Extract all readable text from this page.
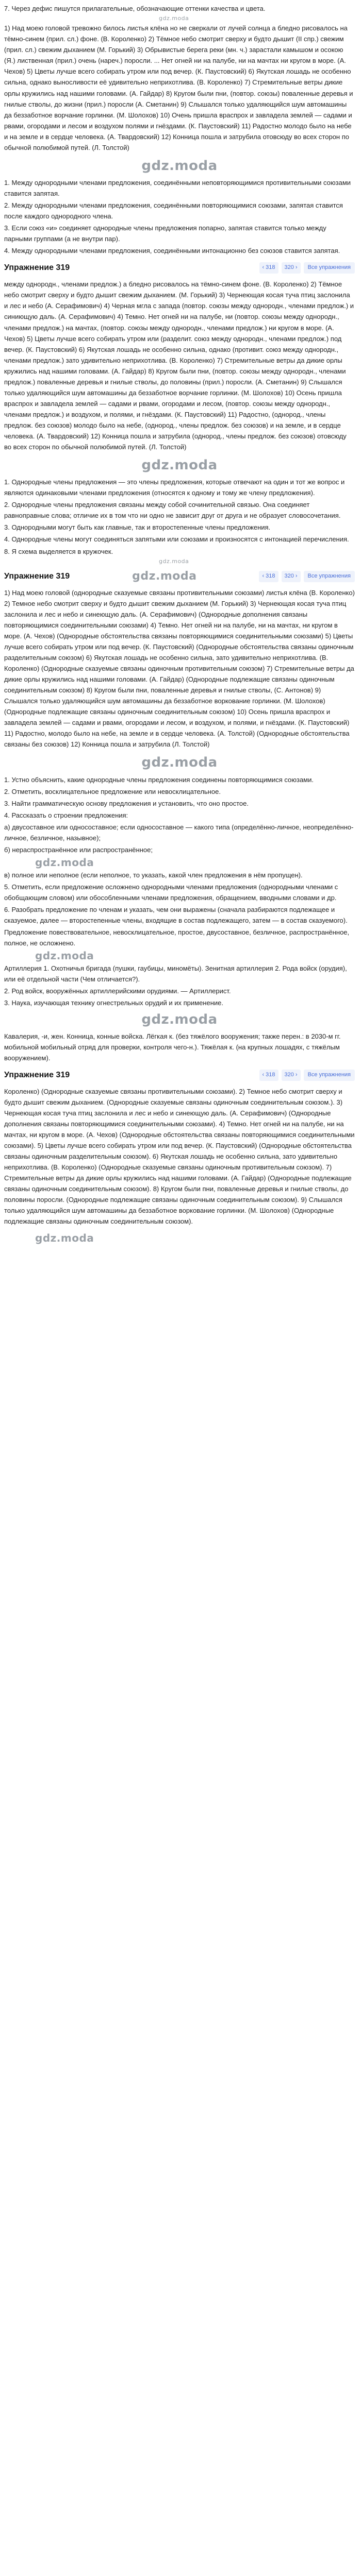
7. Через дефис пишутся прилагательные, обозначающие оттенки качества и цвета.

gdz.moda

1) Над моею головой тревожно билось листья клёна но не сверкали от лучей солнца а бледно рисовалось на тёмно-синем (прил. сл.) фоне. (В. Короленко) 2) Тёмное небо смотрит сверху и будто дышит (II спр.) свежим (прил. сл.) свежим дыханием (М. Горький) 3) Обрывистые берега реки (мн. ч.) зарастали камышом и осокою (Я.) лиственная (прил.) очень (нареч.) поросли. ... Нет огней ни на палубе, ни на мачтах ни кругом в море. (А. Чехов) 5) Цветы лучше всего собирать утром или под вечер. (К. Паустовский) 6) Якутская лошадь не особенно сильна, однако выносливости её удивительно неприхотлива. (В. Короленко) 7) Стремительные ветры дикие орлы кружились над нашими головами. (А. Гайдар) 8) Кругом были пни, (повтор. союзы) поваленные деревья и гнилые стволы, до жизни (прил.) поросли (А. Сметанин) 9) Слышался только удаляющийся шум автомашины да беззаботное ворчание горлинки. (М. Шолохов) 10) Очень пришла враспрох и завладела землей — садами и рвами, огородами и лесом и воздухом полями и гнёздами. (К. Паустовский) 11) Радостно молодо было на небе и на земле и в сердце человека. (А. Твардовский) 12) Конница пошла и затрубила отовсюду во всех сторон по обычной полюбимой путей. (Л. Толстой)

gdz.moda

1. Между однородными членами предложения, соединёнными неповторяющимися противительными союзами ставится запятая.

2. Между однородными членами предложения, соединёнными повторяющимися союзами, запятая ставится после каждого однородного члена.

3. Если союз «и» соединяет однородные члены предложения попарно, запятая ставится только между парными группами (а не внутри пар).

4. Между однородными членами предложения, соединёнными интонационно без союзов ставится запятая.

Упражнение 319	‹ 318 320 ›	Все упражнения

между однородн., членами предлож.) а бледно рисовалось на тёмно-синем фоне. (В. Короленко) 2) Тёмное небо смотрит сверху и будто дышит свежим дыханием. (М. Горький) 3) Чернеющая косая туча птиц заслонила и лес и небо (А. Серафимович) 4) Черная мгла с запада (повтор. союзы между однородн., членами предлож.) и синиющую даль. (А. Серафимович) 4) Темно. Нет огней ни на палубе, ни (повтор. союзы между однородн., членами предлож.) на мачтах, (повтор. союзы между однородн., членами предлож.) ни кругом в море. (А. Чехов) 5) Цветы лучше всего собирать утром или (разделит. союз между однородн., членами предлож.) под вечер. (К. Паустовский) 6) Якутская лошадь не особенно сильна, однако (противит. союз между однородн., членами предлож.) зато удивительно неприхотлива. (В. Короленко) 7) Стремительные ветры да дикие орлы кружились над нашими головами. (А. Гайдар) 8) Кругом были пни, (повтор. союзы между однородн., членами предлож.) поваленные деревья и гнилые стволы, до половины (прил.) поросли. (А. Сметанин) 9) Слышался только удаляющийся шум автомашины да беззаботное ворчание горлинки. (М. Шолохов) 10) Осень пришла враспрох и завладела землей — садами и рвами, огородами и лесом, (повтор. союзы между однородн., членами предлож.) и воздухом, и полями, и гнёздами. (К. Паустовский) 11) Радостно, (однород., члены предлож. без союзов) молодо было на небе, (однород., члены предлож. без союзов) и на земле, и в сердце человека. (А. Твардовский) 12) Конница пошла и затрубила (однород., члены предлож. без союзов) отовсюду во всех сторон по обычной полюбимой путей. (Л. Толстой)

gdz.moda

1. Однородные члены предложения — это члены предложения, которые отвечают на один и тот же вопрос и являются одинаковыми членами предложения (относятся к одному и тому же члену предложения).

2. Однородные члены предложения связаны между собой сочинительной связью. Она соединяет равноправные слова; отличие их в том что ни одно не зависит друг от друга и не образует словосочетания.

3. Однородными могут быть как главные, так и второстепенные члены предложения.

4. Однородные члены могут соединяться запятыми или союзами и произносятся с интонацией перечисления.

8. Я схема выделяется в кружочек.

gdz.moda
Упражнение 319	gdz.moda	‹ 318 320 ›	Все упражнения

1) Над моею головой (однородные сказуемые связаны противительными союзами) листья клёна (В. Короленко) 2) Темное небо смотрит сверху и будто дышит свежим дыханием (М. Горький) 3) Чернеющая косая туча птиц заслонила и лес и небо и синеющую даль. (А. Серафимович) (Однородные дополнения связаны повторяющимися соединительными союзами) 4) Темно. Нет огней ни на палубе, ни на мачтах, ни кругом в море. (А. Чехов) (Однородные обстоятельства связаны повторяющимися соединительными союзами) 5) Цветы лучше всего собирать утром или под вечер. (К. Паустовский) (Однородные обстоятельства связаны одиночным разделительным союзом) 6) Якутская лошадь не особенно сильна, зато удивительно неприхотлива. (В. Короленко) (Однородные сказуемые связаны одиночным противительным союзом) 7) Стремительные ветры да дикие орлы кружились над нашими головами. (А. Гайдар) (Однородные подлежащие связаны одиночным соединительным союзом) 8) Кругом были пни, поваленные деревья и гнилые стволы, (С. Антонов) 9) Слышался только удаляющийся шум автомашины да беззаботное воркование горлинки. (М. Шолохов) (Однородные подлежащие связаны одиночным соединительным союзом) 10) Осень пришла враспрох и завладела землей — садами и рвами, огородами и лесом, и воздухом, и полями, и гнёздами. (К. Паустовский) 11) Радостно, молодо было на небе, на земле и в сердце человека. (А. Толстой) (Однородные обстоятельства связаны без союзов) 12) Конница пошла и затрубила (Л. Толстой)

gdz.moda

1. Устно объяснить, какие однородные члены предложения соединены повторяющимися союзами.

2. Отметить, восклицательное предложение или невосклицательное.

3. Найти грамматическую основу предложения и установить, что оно простое.

4. Рассказать о строении предложения:

а) двусоставное или односоставное; если односоставное — какого типа (определённо-личное, неопределённо-личное, безличное, назывное);

б) нераспространённое или распространённое;

gdz.moda

в) полное или неполное (если неполное, то указать, какой член предложения в нём пропущен).

5. Отметить, если предложение осложнено однородными членами предложения (однородными членами с обобщающим словом) или обособленными членами предложения, обращением, вводными словами и др.

6. Разобрать предложение по членам и указать, чем они выражены (сначала разбираются подлежащее и сказуемое, далее — второстепенные члены, входящие в состав подлежащего, затем — в состав сказуемого).

Предложение повествовательное, невосклицательное, простое, двусоставное, безличное, распространённое, полное, не осложнено.

gdz.moda

Артиллерия 1. Охотничья бригада (пушки, гаубицы, миномёты). Зенитная артиллерия 2. Рода войск (орудия), или её отдельной части (Чем отличается?).

2. Род войск, вооружённых артиллерийскими орудиями. — Артиллерист.

3. Наука, изучающая технику огнестрельных орудий и их применение.

gdz.moda

Кавалерия, -и, жен. Конница, конные войска. Лёгкая к. (без тяжёлого вооружения; также перен.: в 2030-м гг. мобильной мобильный отряд для проверки, контроля чего-н.). Тяжёлая к. (на крупных лошадях, с тяжёлым вооружением).

Упражнение 319	‹ 318 320 ›	Все упражнения

Короленко) (Однородные сказуемые связаны противительными союзами). 2) Темное небо смотрит сверху и будто дышит свежим дыханием. (Однородные сказуемые связаны одиночным соединительным союзом.). 3) Чернеющая косая туча птиц заслонила и лес и небо и синеющую даль. (А. Серафимович) (Однородные дополнения связаны повторяющимися соединительными союзами). 4) Темно. Нет огней ни на палубе, ни на мачтах, ни кругом в море. (А. Чехов) (Однородные обстоятельства связаны повторяющимися соединительными союзами). 5) Цветы лучше всего собирать утром или под вечер. (К. Паустовский) (Однородные обстоятельства связаны одиночным разделительным союзом). 6) Якутская лошадь не особенно сильна, зато удивительно неприхотлива. (В. Короленко) (Однородные сказуемые связаны одиночным противительным союзом). 7) Стремительные ветры да дикие орлы кружились над нашими головами. (А. Гайдар) (Однородные подлежащие связаны одиночным соединительным союзом). 8) Кругом были пни, поваленные деревья и гнилые стволы, до половины поросли. (Однородные подлежащие связаны одиночным соединительным союзом). 9) Слышался только удаляющийся шум автомашины да беззаботное воркование горлинки. (М. Шолохов) (Однородные подлежащие связаны одиночным соединительным союзом).

gdz.moda
